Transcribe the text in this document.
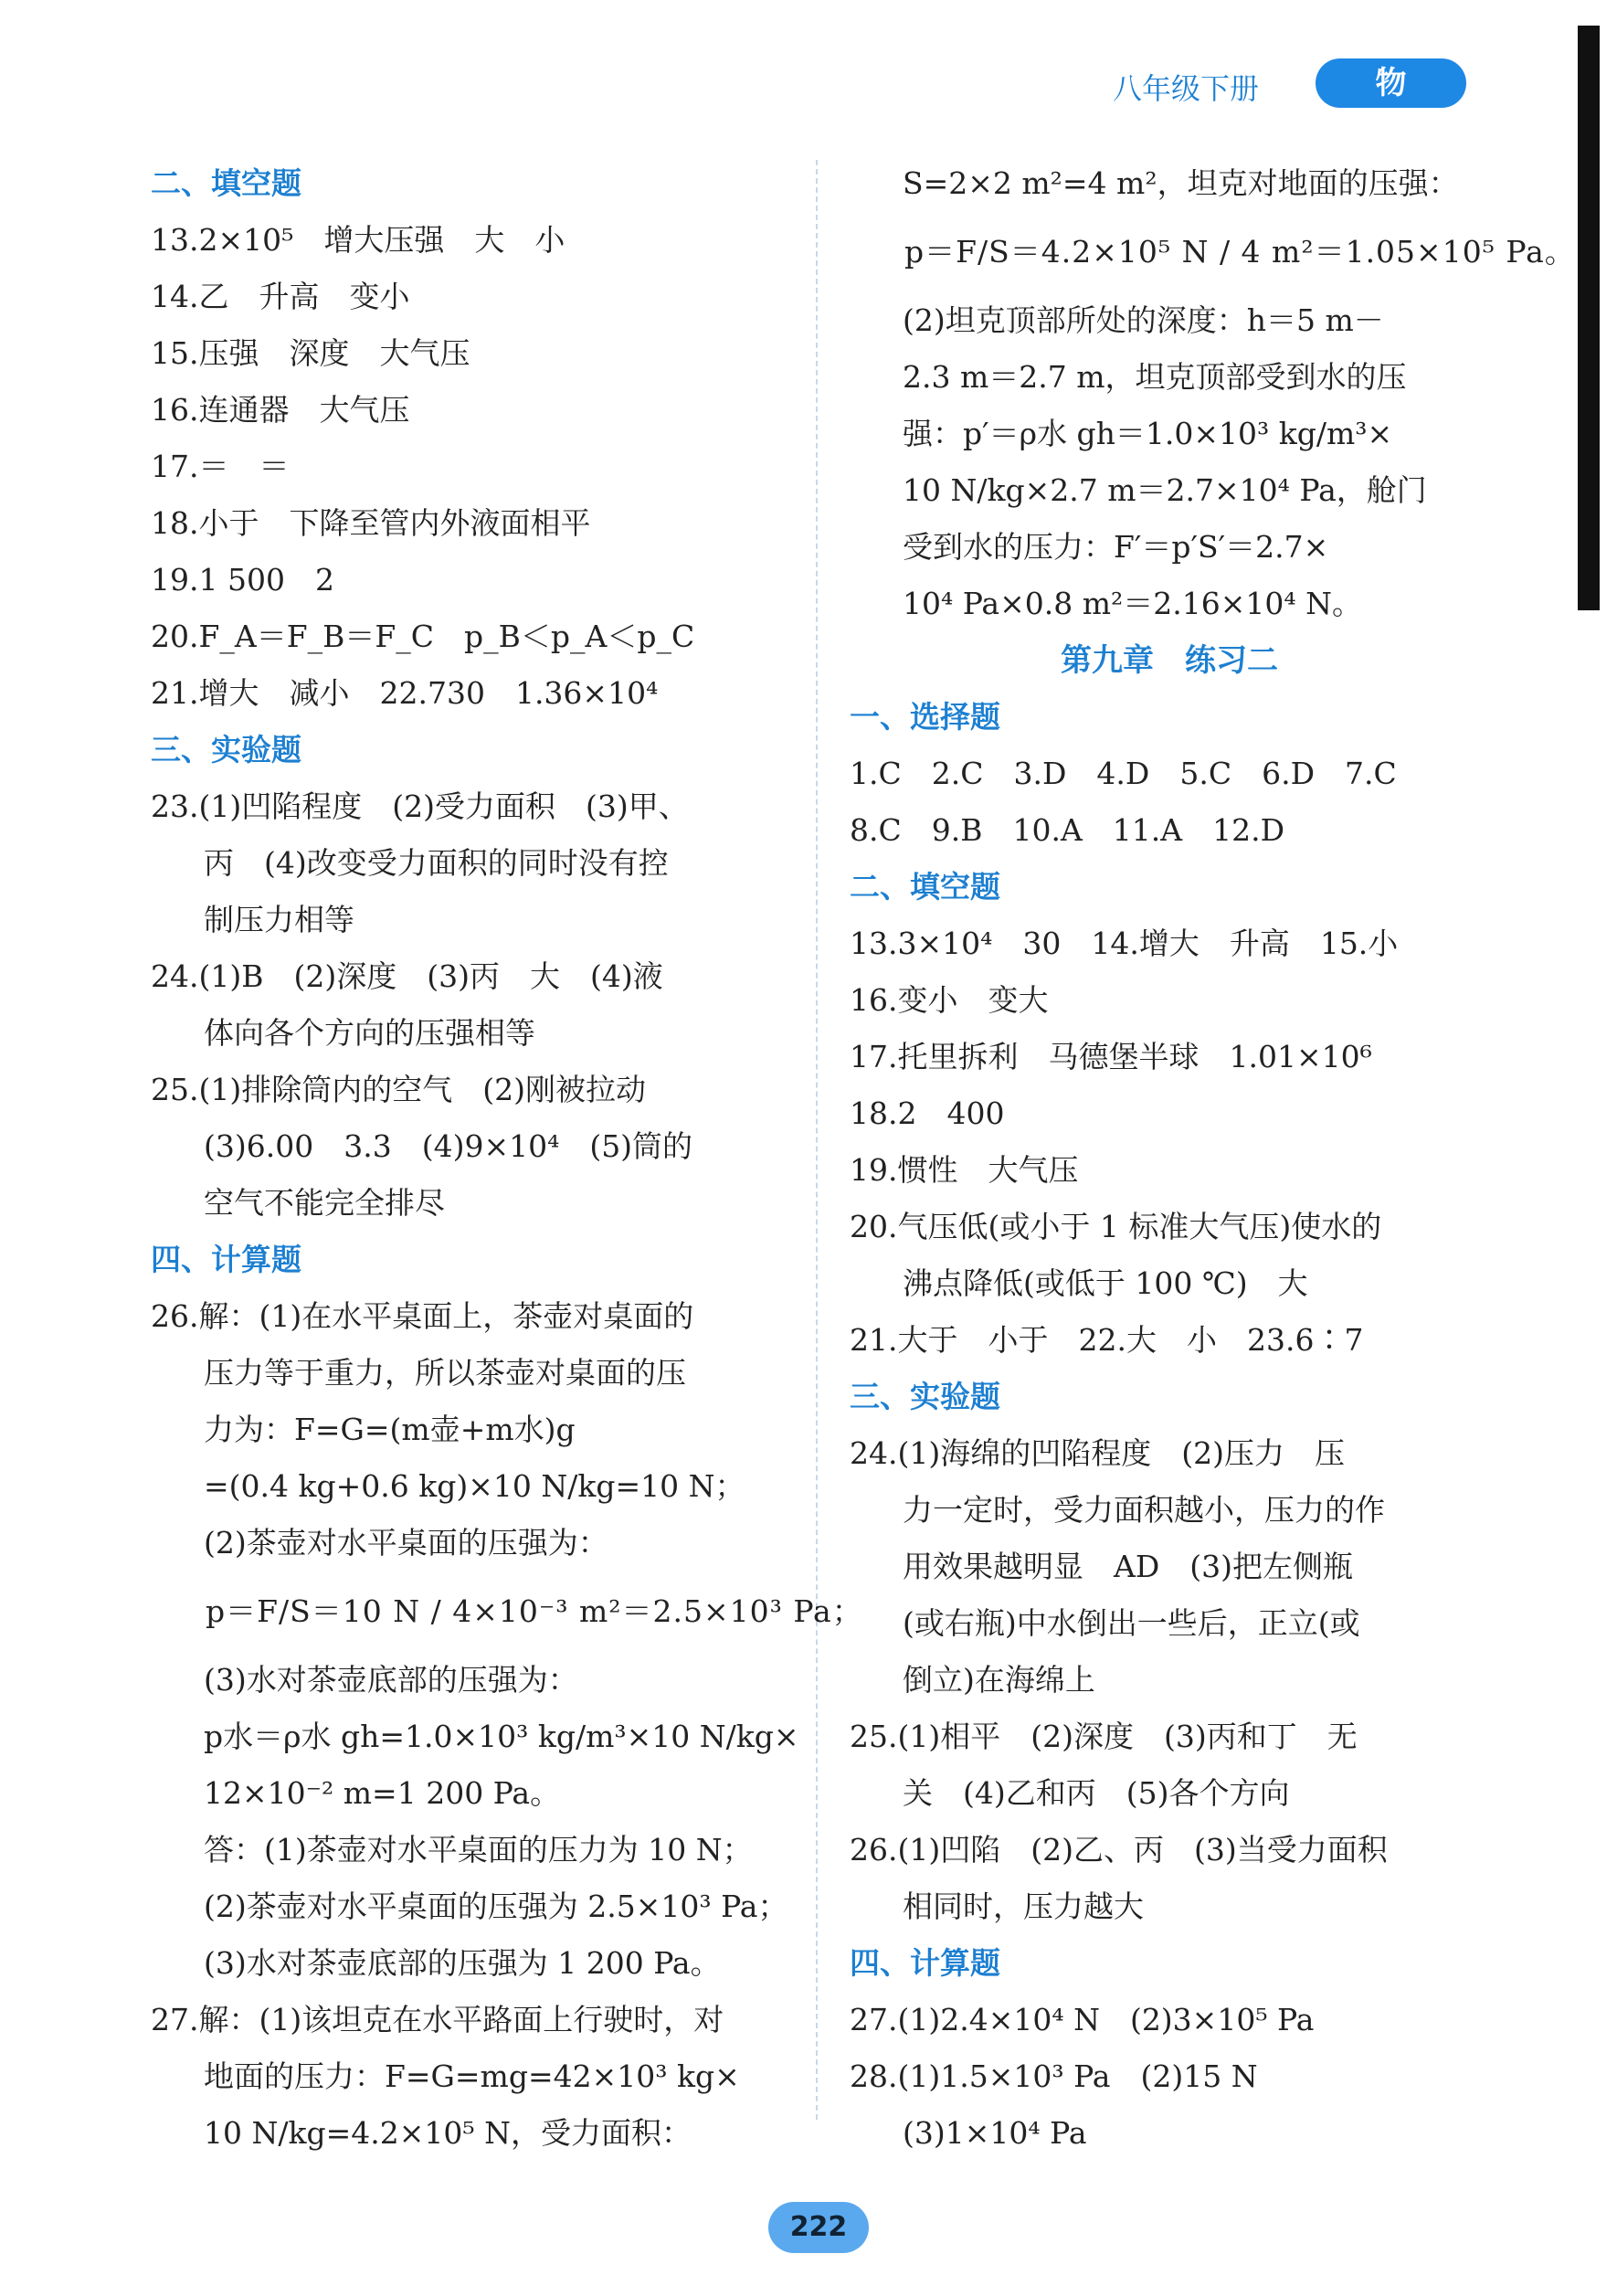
八年级下册	物 理
二、填空题
13.2×10⁵　增大压强　大　小
14.乙　升高　变小
15.压强　深度　大气压
16.连通器　大气压
17.＝　＝
18.小于　下降至管内外液面相平
19.1 500　2
20.F_A＝F_B＝F_C　p_B＜p_A＜p_C
21.增大　减小　22.730　1.36×10⁴
三、实验题
23.(1)凹陷程度　(2)受力面积　(3)甲、
丙　(4)改变受力面积的同时没有控
制压力相等
24.(1)B　(2)深度　(3)丙　大　(4)液
体向各个方向的压强相等
25.(1)排除筒内的空气　(2)刚被拉动
(3)6.00　3.3　(4)9×10⁴　(5)筒的
空气不能完全排尽
四、计算题
26.解：(1)在水平桌面上，茶壶对桌面的
压力等于重力，所以茶壶对桌面的压
力为：F=G=(m壶+m水)g
=(0.4 kg+0.6 kg)×10 N/kg=10 N；
(2)茶壶对水平桌面的压强为：
p＝F/S＝10 N / 4×10⁻³ m²＝2.5×10³ Pa；
(3)水对茶壶底部的压强为：
p水＝ρ水 gh=1.0×10³ kg/m³×10 N/kg×
12×10⁻² m=1 200 Pa。
答：(1)茶壶对水平桌面的压力为 10 N；
(2)茶壶对水平桌面的压强为 2.5×10³ Pa；
(3)水对茶壶底部的压强为 1 200 Pa。
27.解：(1)该坦克在水平路面上行驶时，对
地面的压力：F=G=mg=42×10³ kg×
10 N/kg=4.2×10⁵ N，受力面积：
S=2×2 m²=4 m²，坦克对地面的压强：
p＝F/S＝4.2×10⁵ N / 4 m²＝1.05×10⁵ Pa。
(2)坦克顶部所处的深度：h＝5 m－
2.3 m＝2.7 m，坦克顶部受到水的压
强：p′＝ρ水 gh＝1.0×10³ kg/m³×
10 N/kg×2.7 m＝2.7×10⁴ Pa，舱门
受到水的压力：F′＝p′S′＝2.7×
10⁴ Pa×0.8 m²＝2.16×10⁴ N。
第九章　练习二
一、选择题
1.C　2.C　3.D　4.D　5.C　6.D　7.C
8.C　9.B　10.A　11.A　12.D
二、填空题
13.3×10⁴　30　14.增大　升高　15.小
16.变小　变大
17.托里拆利　马德堡半球　1.01×10⁶
18.2　400
19.惯性　大气压
20.气压低(或小于 1 标准大气压)使水的
沸点降低(或低于 100 ℃)　大
21.大于　小于　22.大　小　23.6∶7
三、实验题
24.(1)海绵的凹陷程度　(2)压力　压
力一定时，受力面积越小，压力的作
用效果越明显　AD　(3)把左侧瓶
(或右瓶)中水倒出一些后，正立(或
倒立)在海绵上
25.(1)相平　(2)深度　(3)丙和丁　无
关　(4)乙和丙　(5)各个方向
26.(1)凹陷　(2)乙、丙　(3)当受力面积
相同时，压力越大
四、计算题
27.(1)2.4×10⁴ N　(2)3×10⁵ Pa
28.(1)1.5×10³ Pa　(2)15 N
(3)1×10⁴ Pa
222
